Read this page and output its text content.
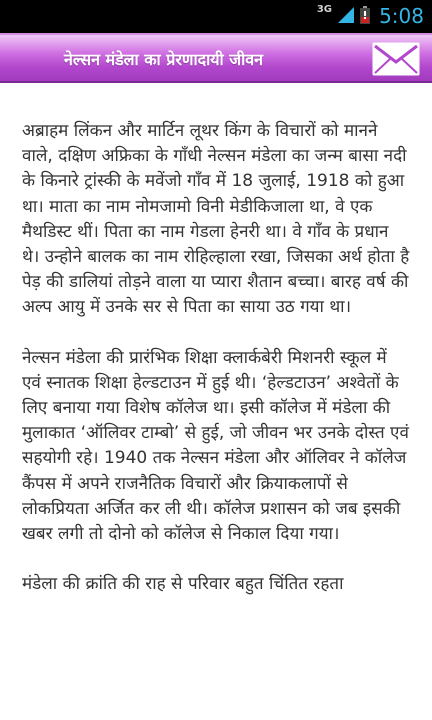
3G 5:08
नेल्सन मंडेला का प्रेरणादायी जीवन

अब्राहम लिंकन और मार्टिन लूथर किंग के विचारों को मानने वाले, दक्षिण अफ्रिका के गाँधी नेल्सन मंडेला का जन्म बासा नदी के किनारे ट्रांस्की के मवेंजो गाँव में 18 जुलाई, 1918 को हुआ था। माता का नाम नोमजामो विनी मेडीकिजाला था, वे एक मैथडिस्ट थीं। पिता का नाम गेडला हेनरी था। वे गाँव के प्रधान थे। उन्होने बालक का नाम रोहिल्हाला रखा, जिसका अर्थ होता है पेड़ की डालियां तोड़ने वाला या प्यारा शैतान बच्चा। बारह वर्ष की अल्प आयु में उनके सर से पिता का साया उठ गया था।

नेल्सन मंडेला की प्रारंभिक शिक्षा क्लार्कबेरी मिशनरी स्कूल में एवं स्नातक शिक्षा हेल्डटाउन में हुई थी। ‘हेल्डटाउन’ अश्वेतों के लिए बनाया गया विशेष कॉलेज था। इसी कॉलेज में मंडेला की मुलाकात ‘ऑलिवर टाम्बो’ से हुई, जो जीवन भर उनके दोस्त एवं सहयोगी रहे। 1940 तक नेल्सन मंडेला और ऑलिवर ने कॉलेज कैंपस में अपने राजनैतिक विचारों और क्रियाकलापों से लोकप्रियता अर्जित कर ली थी। कॉलेज प्रशासन को जब इसकी खबर लगी तो दोनो को कॉलेज से निकाल दिया गया।

मंडेला की क्रांति की राह से परिवार बहुत चिंतित रहता
